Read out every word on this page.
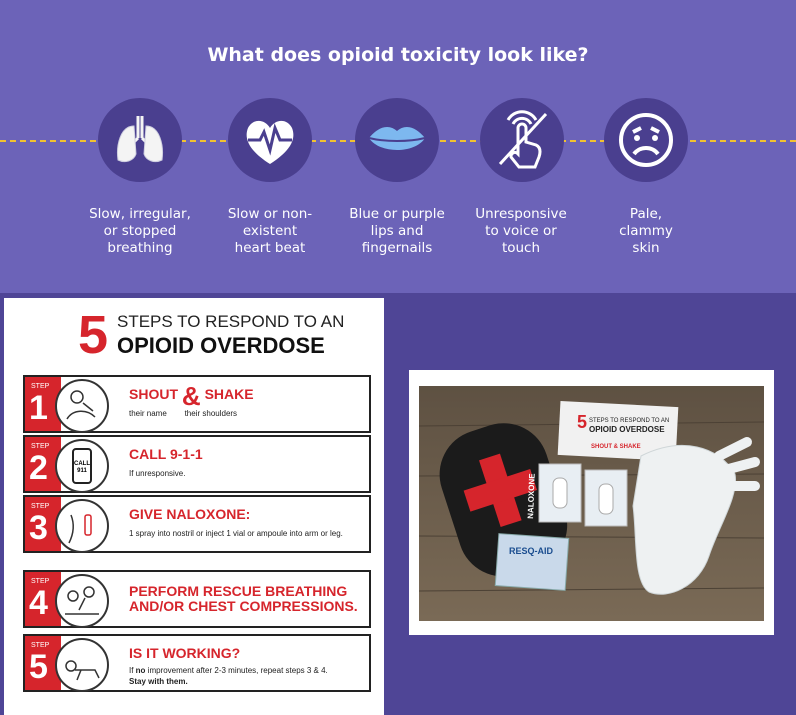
What does opioid toxicity look like?
Slow, irregular,
or stopped
breathing
Slow or non-
existent
heart beat
Blue or purple
lips and
fingernails
Unresponsive
to voice or
touch
Pale,
clammy
skin
5 STEPS TO RESPOND TO AN
OPIOID OVERDOSE
STEP
1	SHOUT & SHAKE
their name their shoulders
STEP
2	CALL
911
CALL 9-1-1
If unresponsive.
STEP
3	GIVE NALOXONE:
1 spray into nostril or inject 1 vial or ampoule into arm or leg.
STEP
4	PERFORM RESCUE BREATHING
AND/OR CHEST COMPRESSIONS.
STEP
5	IS IT WORKING?
If no improvement after 2-3 minutes, repeat steps 3 & 4.
Stay with them.
5 STEPS TO RESPOND TO AN
OPIOID OVERDOSE
SHOUT & SHAKE
NALOXONE
RESQ-AID
